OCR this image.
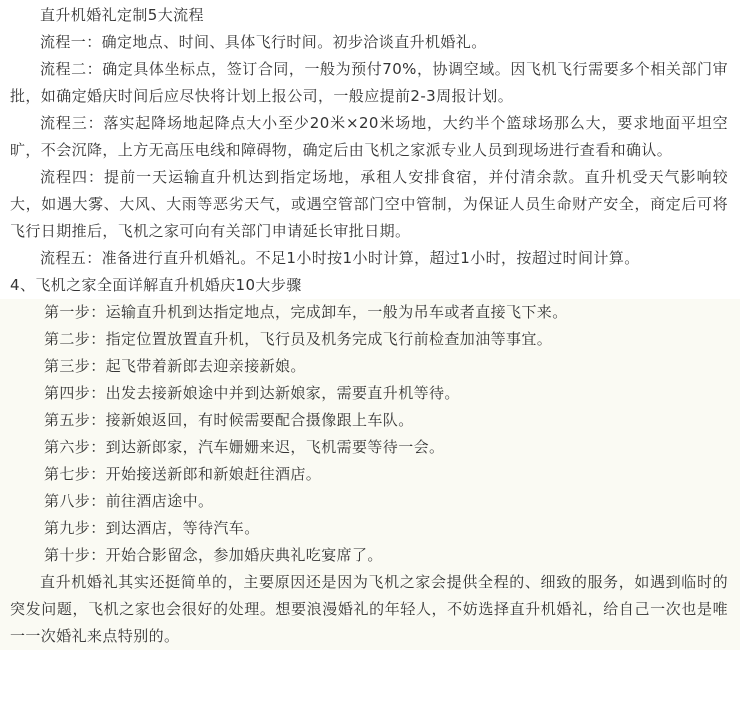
直升机婚礼定制5大流程

流程一：确定地点、时间、具体飞行时间。初步洽谈直升机婚礼。

流程二：确定具体坐标点，签订合同，一般为预付70%，协调空域。因飞机飞行需要多个相关部门审批，如确定婚庆时间后应尽快将计划上报公司，一般应提前2-3周报计划。

流程三：落实起降场地起降点大小至少20米×20米场地，大约半个篮球场那么大，要求地面平坦空旷，不会沉降，上方无高压电线和障碍物，确定后由飞机之家派专业人员到现场进行查看和确认。

流程四：提前一天运输直升机达到指定场地，承租人安排食宿，并付清余款。直升机受天气影响较大，如遇大雾、大风、大雨等恶劣天气，或遇空管部门空中管制，为保证人员生命财产安全，商定后可将飞行日期推后，飞机之家可向有关部门申请延长审批日期。

流程五：准备进行直升机婚礼。不足1小时按1小时计算，超过1小时，按超过时间计算。

4、飞机之家全面详解直升机婚庆10大步骤

第一步：运输直升机到达指定地点，完成卸车，一般为吊车或者直接飞下来。

第二步：指定位置放置直升机，飞行员及机务完成飞行前检查加油等事宜。

第三步：起飞带着新郎去迎亲接新娘。

第四步：出发去接新娘途中并到达新娘家，需要直升机等待。

第五步：接新娘返回，有时候需要配合摄像跟上车队。

第六步：到达新郎家，汽车姗姗来迟，飞机需要等待一会。

第七步：开始接送新郎和新娘赶往酒店。

第八步：前往酒店途中。

第九步：到达酒店，等待汽车。

第十步：开始合影留念，参加婚庆典礼吃宴席了。

直升机婚礼其实还挺简单的，主要原因还是因为飞机之家会提供全程的、细致的服务，如遇到临时的突发问题，飞机之家也会很好的处理。想要浪漫婚礼的年轻人，不妨选择直升机婚礼，给自己一次也是唯一一次婚礼来点特别的。
